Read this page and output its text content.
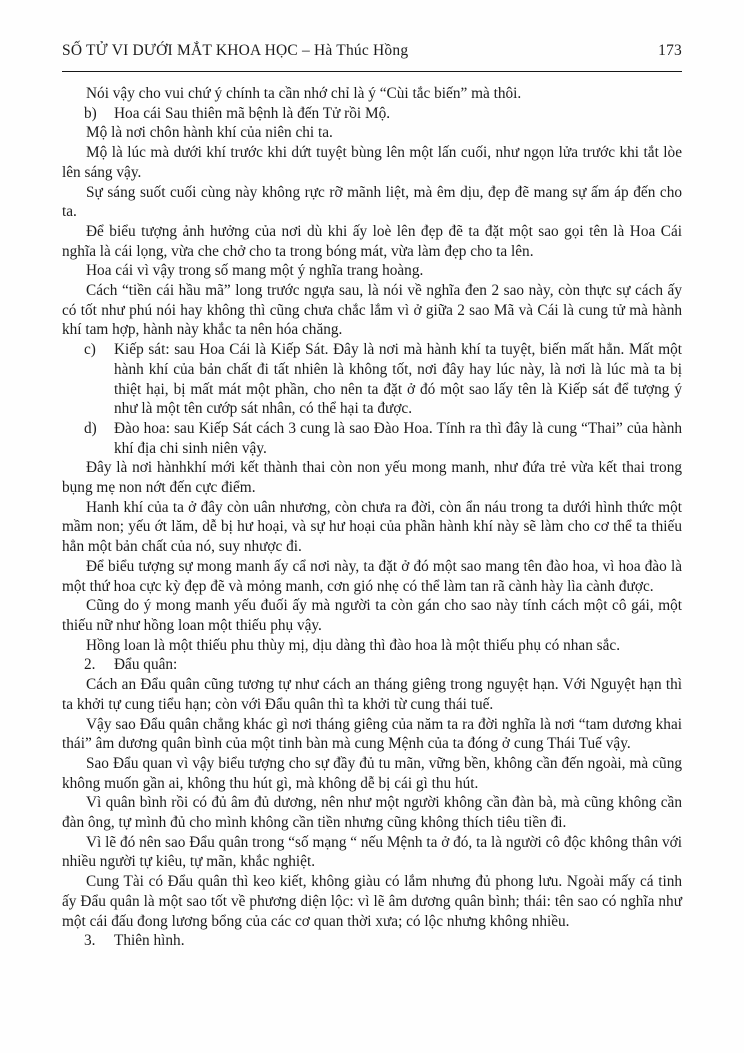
SỐ TỬ VI DƯỚI MẮT KHOA HỌC – Hà Thúc Hồng	173

Nói vậy cho vui chứ ý chính ta cần nhớ chỉ là ý “Cùi tắc biến” mà thôi.

b) Hoa cái Sau thiên mã bệnh là đến Tử rồi Mộ.

Mộ là nơi chôn hành khí của niên chi ta.

Mộ là lúc mà dưới khí trước khi dứt tuyệt bùng lên một lấn cuối, như ngọn lửa trước khi tắt lòe lên sáng vậy.

Sự sáng suốt cuối cùng này không rực rỡ mãnh liệt, mà êm dịu, đẹp đẽ mang sự ấm áp đến cho ta.

Để biểu tượng ảnh hưởng của nơi dù khi ấy loè lên đẹp đẽ ta đặt một sao gọi tên là Hoa Cái nghĩa là cái lọng, vừa che chở cho ta trong bóng mát, vừa làm đẹp cho ta lên.

Hoa cái vì vậy trong số mang một ý nghĩa trang hoàng.

Cách “tiền cái hầu mã” long trước ngựa sau, là nói về nghĩa đen 2 sao này, còn thực sự cách ấy có tốt như phú nói hay không thì cũng chưa chắc lắm vì ở giữa 2 sao Mã và Cái là cung tử mà hành khí tam hợp, hành này khắc ta nên hóa chăng.

c) Kiếp sát: sau Hoa Cái là Kiếp Sát. Đây là nơi mà hành khí ta tuyệt, biến mất hẳn. Mất một hành khí của bản chất đi tất nhiên là không tốt, nơi đây hay lúc này, là nơi là lúc mà ta bị thiệt hại, bị mất mát một phần, cho nên ta đặt ở đó một sao lấy tên là Kiếp sát để tượng ý như là một tên cướp sát nhân, có thể hại ta được.

d) Đào hoa: sau Kiếp Sát cách 3 cung là sao Đào Hoa. Tính ra thì đây là cung “Thai” của hành khí địa chi sinh niên vậy.

Đây là nơi hànhkhí mới kết thành thai còn non yếu mong manh, như đứa trẻ vừa kết thai trong bụng mẹ non nớt đến cực điểm.

Hanh khí của ta ở đây còn uân nhương, còn chưa ra đời, còn ẩn náu trong ta dưới hình thức một mầm non; yếu ớt lăm, dễ bị hư hoại, và sự hư hoại của phần hành khí này sẽ làm cho cơ thể ta thiếu hẳn một bản chất của nó, suy nhược đi.

Để biểu tượng sự mong manh ấy cẩ nơi này, ta đặt ở đó một sao mang tên đào hoa, vì hoa đào là một thứ hoa cực kỳ đẹp đẽ và mỏng manh, cơn gió nhẹ có thể làm tan rã cành hày lìa cành được.

Cũng do ý mong manh yếu đuối ấy mà người ta còn gán cho sao này tính cách một cô gái, một thiếu nữ như hồng loan một thiếu phụ vậy.

Hồng loan là một thiếu phu thùy mị, dịu dàng thì đào hoa là một thiếu phụ có nhan sắc.

2. Đẩu quân:

Cách an Đẩu quân cũng tương tự như cách an tháng giêng trong nguyệt hạn. Với Nguyệt hạn thì ta khởi tự cung tiểu hạn; còn với Đẩu quân thì ta khởi từ cung thái tuế.

Vậy sao Đẩu quân chẳng khác gì nơi tháng giêng của năm ta ra đời nghĩa là nơi “tam dương khai thái” âm dương quân bình của một tinh bàn mà cung Mệnh của ta đóng ở cung Thái Tuế vậy.

Sao Đẩu quan vì vậy biểu tượng cho sự đầy đủ tu mãn, vững bền, không cần đến ngoài, mà cũng không muốn gần ai, không thu hút gì, mà không dễ bị cái gì thu hút.

Vì quân bình rồi có đủ âm đủ dương, nên như một người không cần đàn bà, mà cũng không cần đàn ông, tự mình đủ cho mình không cần tiền nhưng cũng không thích tiêu tiền đi.

Vì lẽ đó nên sao Đẩu quân trong “số mạng “ nếu Mệnh ta ở đó, ta là người cô độc không thân với nhiều người tự kiêu, tự mãn, khắc nghiệt.

Cung Tài có Đẩu quân thì keo kiết, không giàu có lắm nhưng đủ phong lưu. Ngoài mấy cá tinh ấy Đẩu quân là một sao tốt về phương diện lộc: vì lẽ âm dương quân bình; thái: tên sao có nghĩa như một cái đấu đong lương bổng của các cơ quan thời xưa; có lộc nhưng không nhiều.

3. Thiên hình.
